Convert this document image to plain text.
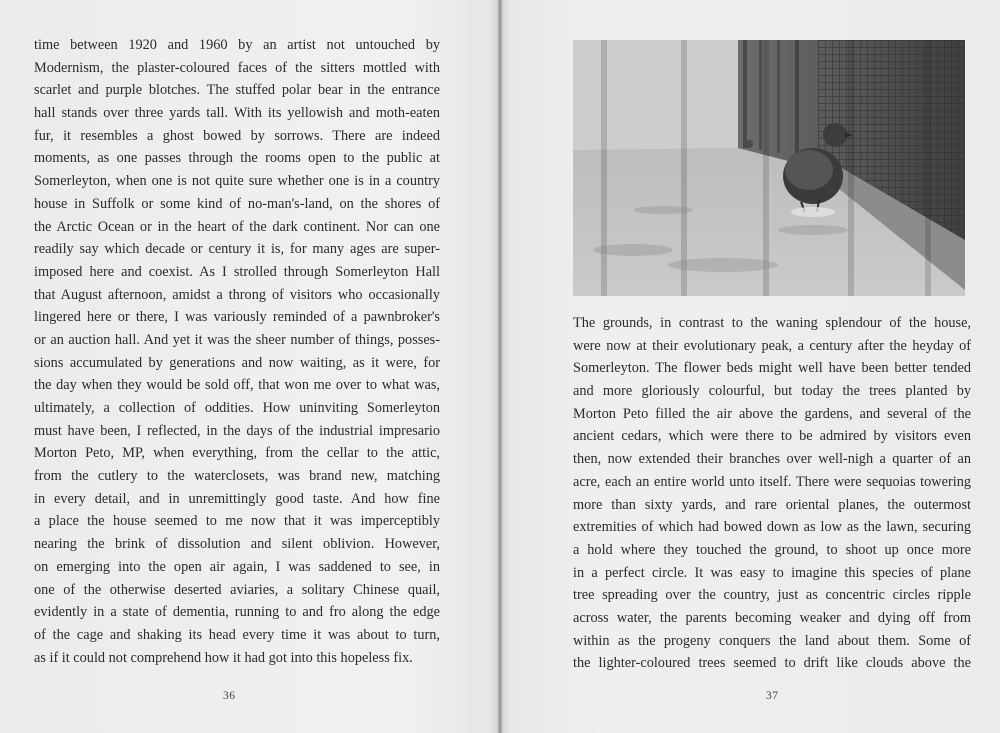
time between 1920 and 1960 by an artist not untouched by
Modernism, the plaster-coloured faces of the sitters mottled with
scarlet and purple blotches. The stuffed polar bear in the entrance
hall stands over three yards tall. With its yellowish and moth-eaten
fur, it resembles a ghost bowed by sorrows. There are indeed
moments, as one passes through the rooms open to the public at
Somerleyton, when one is not quite sure whether one is in a country
house in Suffolk or some kind of no-man's-land, on the shores of
the Arctic Ocean or in the heart of the dark continent. Nor can one
readily say which decade or century it is, for many ages are super-
imposed here and coexist. As I strolled through Somerleyton Hall
that August afternoon, amidst a throng of visitors who occasionally
lingered here or there, I was variously reminded of a pawnbroker's
or an auction hall. And yet it was the sheer number of things, posses-
sions accumulated by generations and now waiting, as it were, for
the day when they would be sold off, that won me over to what was,
ultimately, a collection of oddities. How uninviting Somerleyton
must have been, I reflected, in the days of the industrial impresario
Morton Peto, MP, when everything, from the cellar to the attic,
from the cutlery to the waterclosets, was brand new, matching
in every detail, and in unremittingly good taste. And how fine
a place the house seemed to me now that it was imperceptibly
nearing the brink of dissolution and silent oblivion. However,
on emerging into the open air again, I was saddened to see, in
one of the otherwise deserted aviaries, a solitary Chinese quail,
evidently in a state of dementia, running to and fro along the edge
of the cage and shaking its head every time it was about to turn,
as if it could not comprehend how it had got into this hopeless fix.
36
The grounds, in contrast to the waning splendour of the house,
were now at their evolutionary peak, a century after the heyday of
Somerleyton. The flower beds might well have been better tended
and more gloriously colourful, but today the trees planted by
Morton Peto filled the air above the gardens, and several of the
ancient cedars, which were there to be admired by visitors even
then, now extended their branches over well-nigh a quarter of an
acre, each an entire world unto itself. There were sequoias towering
more than sixty yards, and rare oriental planes, the outermost
extremities of which had bowed down as low as the lawn, securing
a hold where they touched the ground, to shoot up once more
in a perfect circle. It was easy to imagine this species of plane
tree spreading over the country, just as concentric circles ripple
across water, the parents becoming weaker and dying off from
within as the progeny conquers the land about them. Some of
the lighter-coloured trees seemed to drift like clouds above the
37
